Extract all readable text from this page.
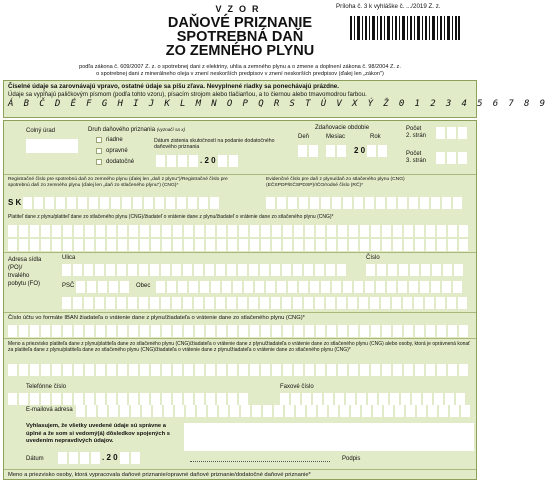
VZOR	Príloha č. 3 k vyhláške č. .../2019 Z. z.
DAŇOVÉ PRIZNANIE
SPOTREBNÁ DAŇ
ZO ZEMNÉHO PLYNU
podľa zákona č. 609/2007 Z. z. o spotrebnej dani z elektriny, uhlia a zemného plynu a o zmene a doplnení zákona č. 98/2004 Z. z.
o spotrebnej dani z minerálneho oleja v znení neskorších predpisov v znení neskorších predpisov (ďalej len „zákon")
Číselné údaje sa zarovnávajú vpravo, ostatné údaje sa píšu zľava. Nevyplnené riadky sa ponechávajú prázdne.
Údaje sa vypĺňajú paličkovým písmom (podľa tohto vzoru), písacím strojom alebo tlačiarňou, a to čiernou alebo tmavomodrou farbou.
Á B Č D É F G H I J K L M N O P Q R S T Ú V X Ý Ž 0 1 2 3 4 5 6 7 8 9
Colný úrad	Druh daňového priznania (vyznačí sa x)
riadne
opravné
dodatočné
Dátum zistenia skutočností na podanie dodatočného daňového priznania
. 2 0
Zdaňovacie obdobie
Deň	Mesiac	Rok
2 0
Počet
2. strán
Počet
3. strán
Registračné číslo pre spotrebnú daň zo zemného plynu (ďalej len „daň z plynu")/Registračné číslo pre spotrebnú daň zo zemného plynu (ďalej len „daň zo stlačeného plynu") (CNG)*
Evidenčné číslo pre daň z plynu/daň zo stlačeného plynu (CNG) (EČSPDP/EČSPDSP)/IČO/rodné číslo (RČ)*
S K
Platiteľ dane z plynu/platiteľ dane zo stlačeného plynu (CNG)/žiadateľ o vrátenie dane z plynu/žiadateľ o vrátenie dane zo stlačeného plynu (CNG)*
Adresa sídla (PO)/ trvalého pobytu (FO)
Ulica	Číslo
PSČ	Obec
Číslo účtu vo formáte IBAN žiadateľa o vrátenie dane z plynu/žiadateľa o vrátenie dane zo stlačeného plynu (CNG)*
Meno a priezvisko platiteľa dane z plynu/platiteľa dane zo stlačeného plynu (CNG)/žiadateľa o vrátenie dane z plynu/žiadateľa o vrátenie dane zo stlačeného plynu (CNG) alebo osoby, ktorá je oprávnená konať za platiteľa dane z plynu/platiteľa dane zo stlačeného plynu (CNG)/žiadateľa o vrátenie dane z plynu/žiadateľa o vrátenie dane zo stlačeného plynu (CNG)*
Telefónne číslo	Faxové číslo
E-mailová adresa
Vyhlasujem, že všetky uvedené údaje sú správne a úplné a že som si vedomý(á) dôsledkov spojených s uvedením nepravdivých údajov.
Dátum	. 2 0	Podpis
Meno a priezvisko osoby, ktorá vypracovala daňové priznanie/opravné daňové priznanie/dodatočné daňové priznanie*
